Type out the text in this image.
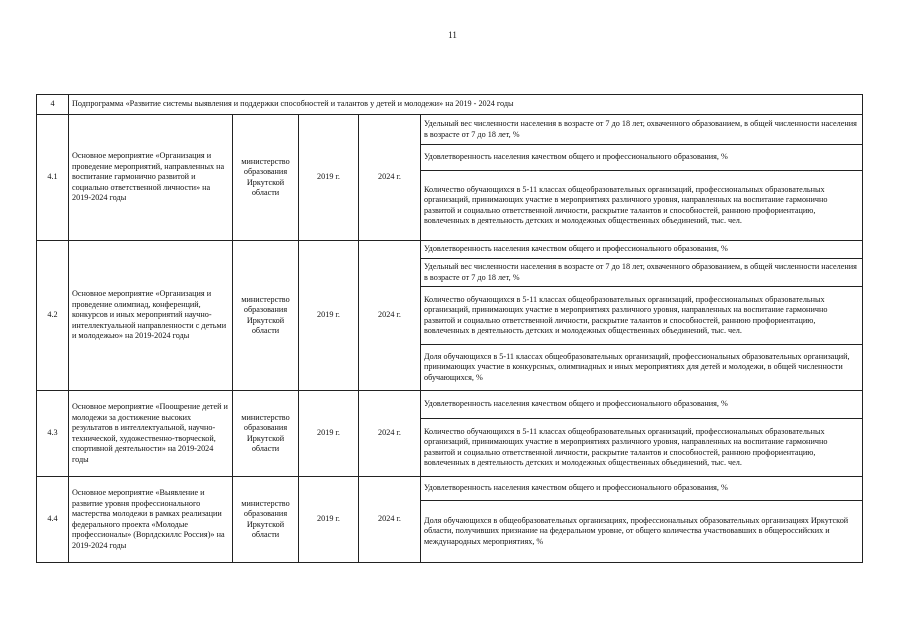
11
4	Подпрограмма «Развитие системы выявления и поддержки способностей и талантов у детей и молодежи» на 2019 - 2024 годы				
4.1	Основное мероприятие «Организация и проведение мероприятий, направленных на воспитание гармонично развитой и социально ответственной личности» на 2019-2024 годы	министерство образования Иркутской области	2019 г.	2024 г.	Удельный вес численности населения в возрасте от 7 до 18 лет, охваченного образованием, в общей численности населения в возрасте от 7 до 18 лет, %
					Удовлетворенность населения качеством общего и профессионального образования, %
					Количество обучающихся в 5-11 классах общеобразовательных организаций, профессиональных образовательных организаций, принимающих участие в мероприятиях различного уровня, направленных на воспитание гармонично развитой и социально ответственной личности, раскрытие талантов и способностей, раннюю профориентацию, вовлеченных в деятельность детских и молодежных общественных объединений, тыс. чел.
4.2	Основное мероприятие «Организация и проведение олимпиад, конференций, конкурсов и иных мероприятий научно-интеллектуальной направленности с детьми и молодежью» на 2019-2024 годы	министерство образования Иркутской области	2019 г.	2024 г.	Удовлетворенность населения качеством общего и профессионального образования, %
					Удельный вес численности населения в возрасте от 7 до 18 лет, охваченного образованием, в общей численности населения в возрасте от 7 до 18 лет, %
					Количество обучающихся в 5-11 классах общеобразовательных организаций, профессиональных образовательных организаций, принимающих участие в мероприятиях различного уровня, направленных на воспитание гармонично развитой и социально ответственной личности, раскрытие талантов и способностей, раннюю профориентацию, вовлеченных в деятельность детских и молодежных общественных объединений, тыс. чел.
					Доля обучающихся в 5-11 классах общеобразовательных организаций, профессиональных образовательных организаций, принимающих участие в конкурсных, олимпиадных и иных мероприятиях для детей и молодежи, в общей численности обучающихся, %
4.3	Основное мероприятие «Поощрение детей и молодежи за достижение высоких результатов в интеллектуальной, научно-технической, художественно-творческой, спортивной деятельности» на 2019-2024 годы	министерство образования Иркутской области	2019 г.	2024 г.	Удовлетворенность населения качеством общего и профессионального образования, %
					Количество обучающихся в 5-11 классах общеобразовательных организаций, профессиональных образовательных организаций, принимающих участие в мероприятиях различного уровня, направленных на воспитание гармонично развитой и социально ответственной личности, раскрытие талантов и способностей, раннюю профориентацию, вовлеченных в деятельность детских и молодежных общественных объединений, тыс. чел.
4.4	Основное мероприятие «Выявление и развитие уровня профессионального мастерства молодежи в рамках реализации федерального проекта «Молодые профессионалы» (Ворлдскиллс Россия)» на 2019-2024 годы	министерство образования Иркутской области	2019 г.	2024 г.	Удовлетворенность населения качеством общего и профессионального образования, %
					Доля обучающихся в общеобразовательных организациях, профессиональных образовательных организациях Иркутской области, получивших признание на федеральном уровне, от общего количества участвовавших в общероссийских и международных мероприятиях, %
